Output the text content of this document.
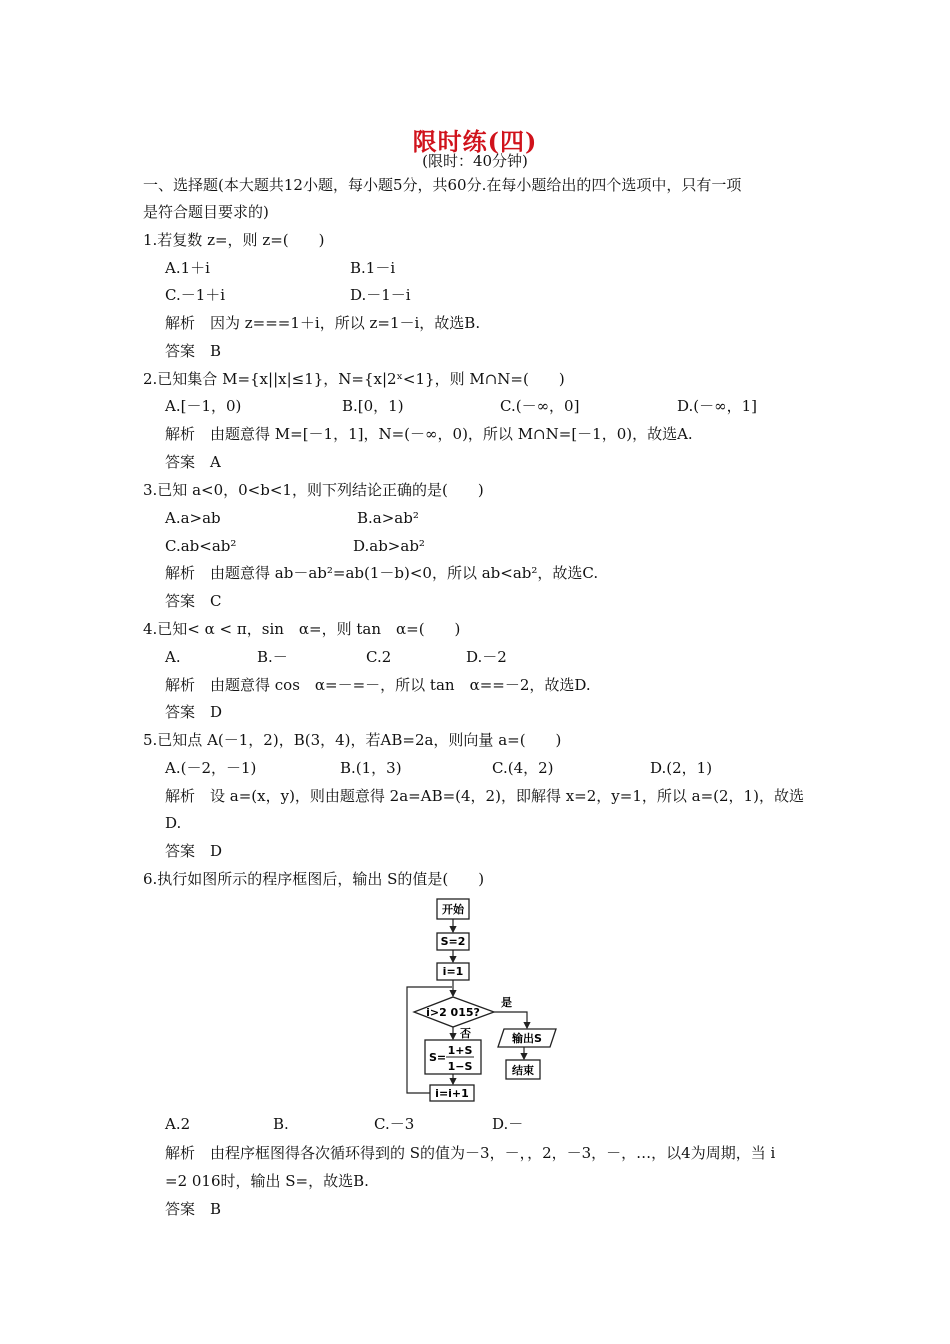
限时练(四)
(限时：40分钟)
一、选择题(本大题共12小题，每小题5分，共60分.在每小题给出的四个选项中，只有一项
是符合题目要求的)
1.若复数 z=，则 z=(　　)
A.1＋i	B.1－i
C.－1＋i	D.－1－i
解析　因为 z===1＋i，所以 z=1－i，故选B.
答案　B
2.已知集合 M={x||x|≤1}，N={x|2ˣ<1}，则 M∩N=(　　)
A.[－1，0)	B.[0，1)	C.(－∞，0]	D.(－∞，1]
解析　由题意得 M=[－1，1]，N=(－∞，0)，所以 M∩N=[－1，0)，故选A.
答案　A
3.已知 a<0，0<b<1，则下列结论正确的是(　　)
A.a>ab	B.a>ab²
C.ab<ab²	D.ab>ab²
解析　由题意得 ab－ab²=ab(1－b)<0，所以 ab<ab²，故选C.
答案　C
4.已知< α < π，sin　α=，则 tan　α=(　　)
A.	B.－	C.2	D.－2
解析　由题意得 cos　α=－=－，所以 tan　α==－2，故选D.
答案　D
5.已知点 A(－1，2)，B(3，4)，若AB=2a，则向量 a=(　　)
A.(－2，－1)	B.(1，3)	C.(4，2)	D.(2，1)
解析　设 a=(x，y)，则由题意得 2a=AB=(4，2)，即解得 x=2，y=1，所以 a=(2，1)，故选
D.
答案　D
6.执行如图所示的程序框图后，输出 S的值是(　　)
开始
S=2
i=1
i>2 015?
是
否	输出S
结束
S=
1+S
1−S
i=i+1
A.2	B.	C.－3	D.－
解析　由程序框图得各次循环得到的 S的值为－3，－，，2，－3，－，…，以4为周期，当 i
=2 016时，输出 S=，故选B.
答案　B
